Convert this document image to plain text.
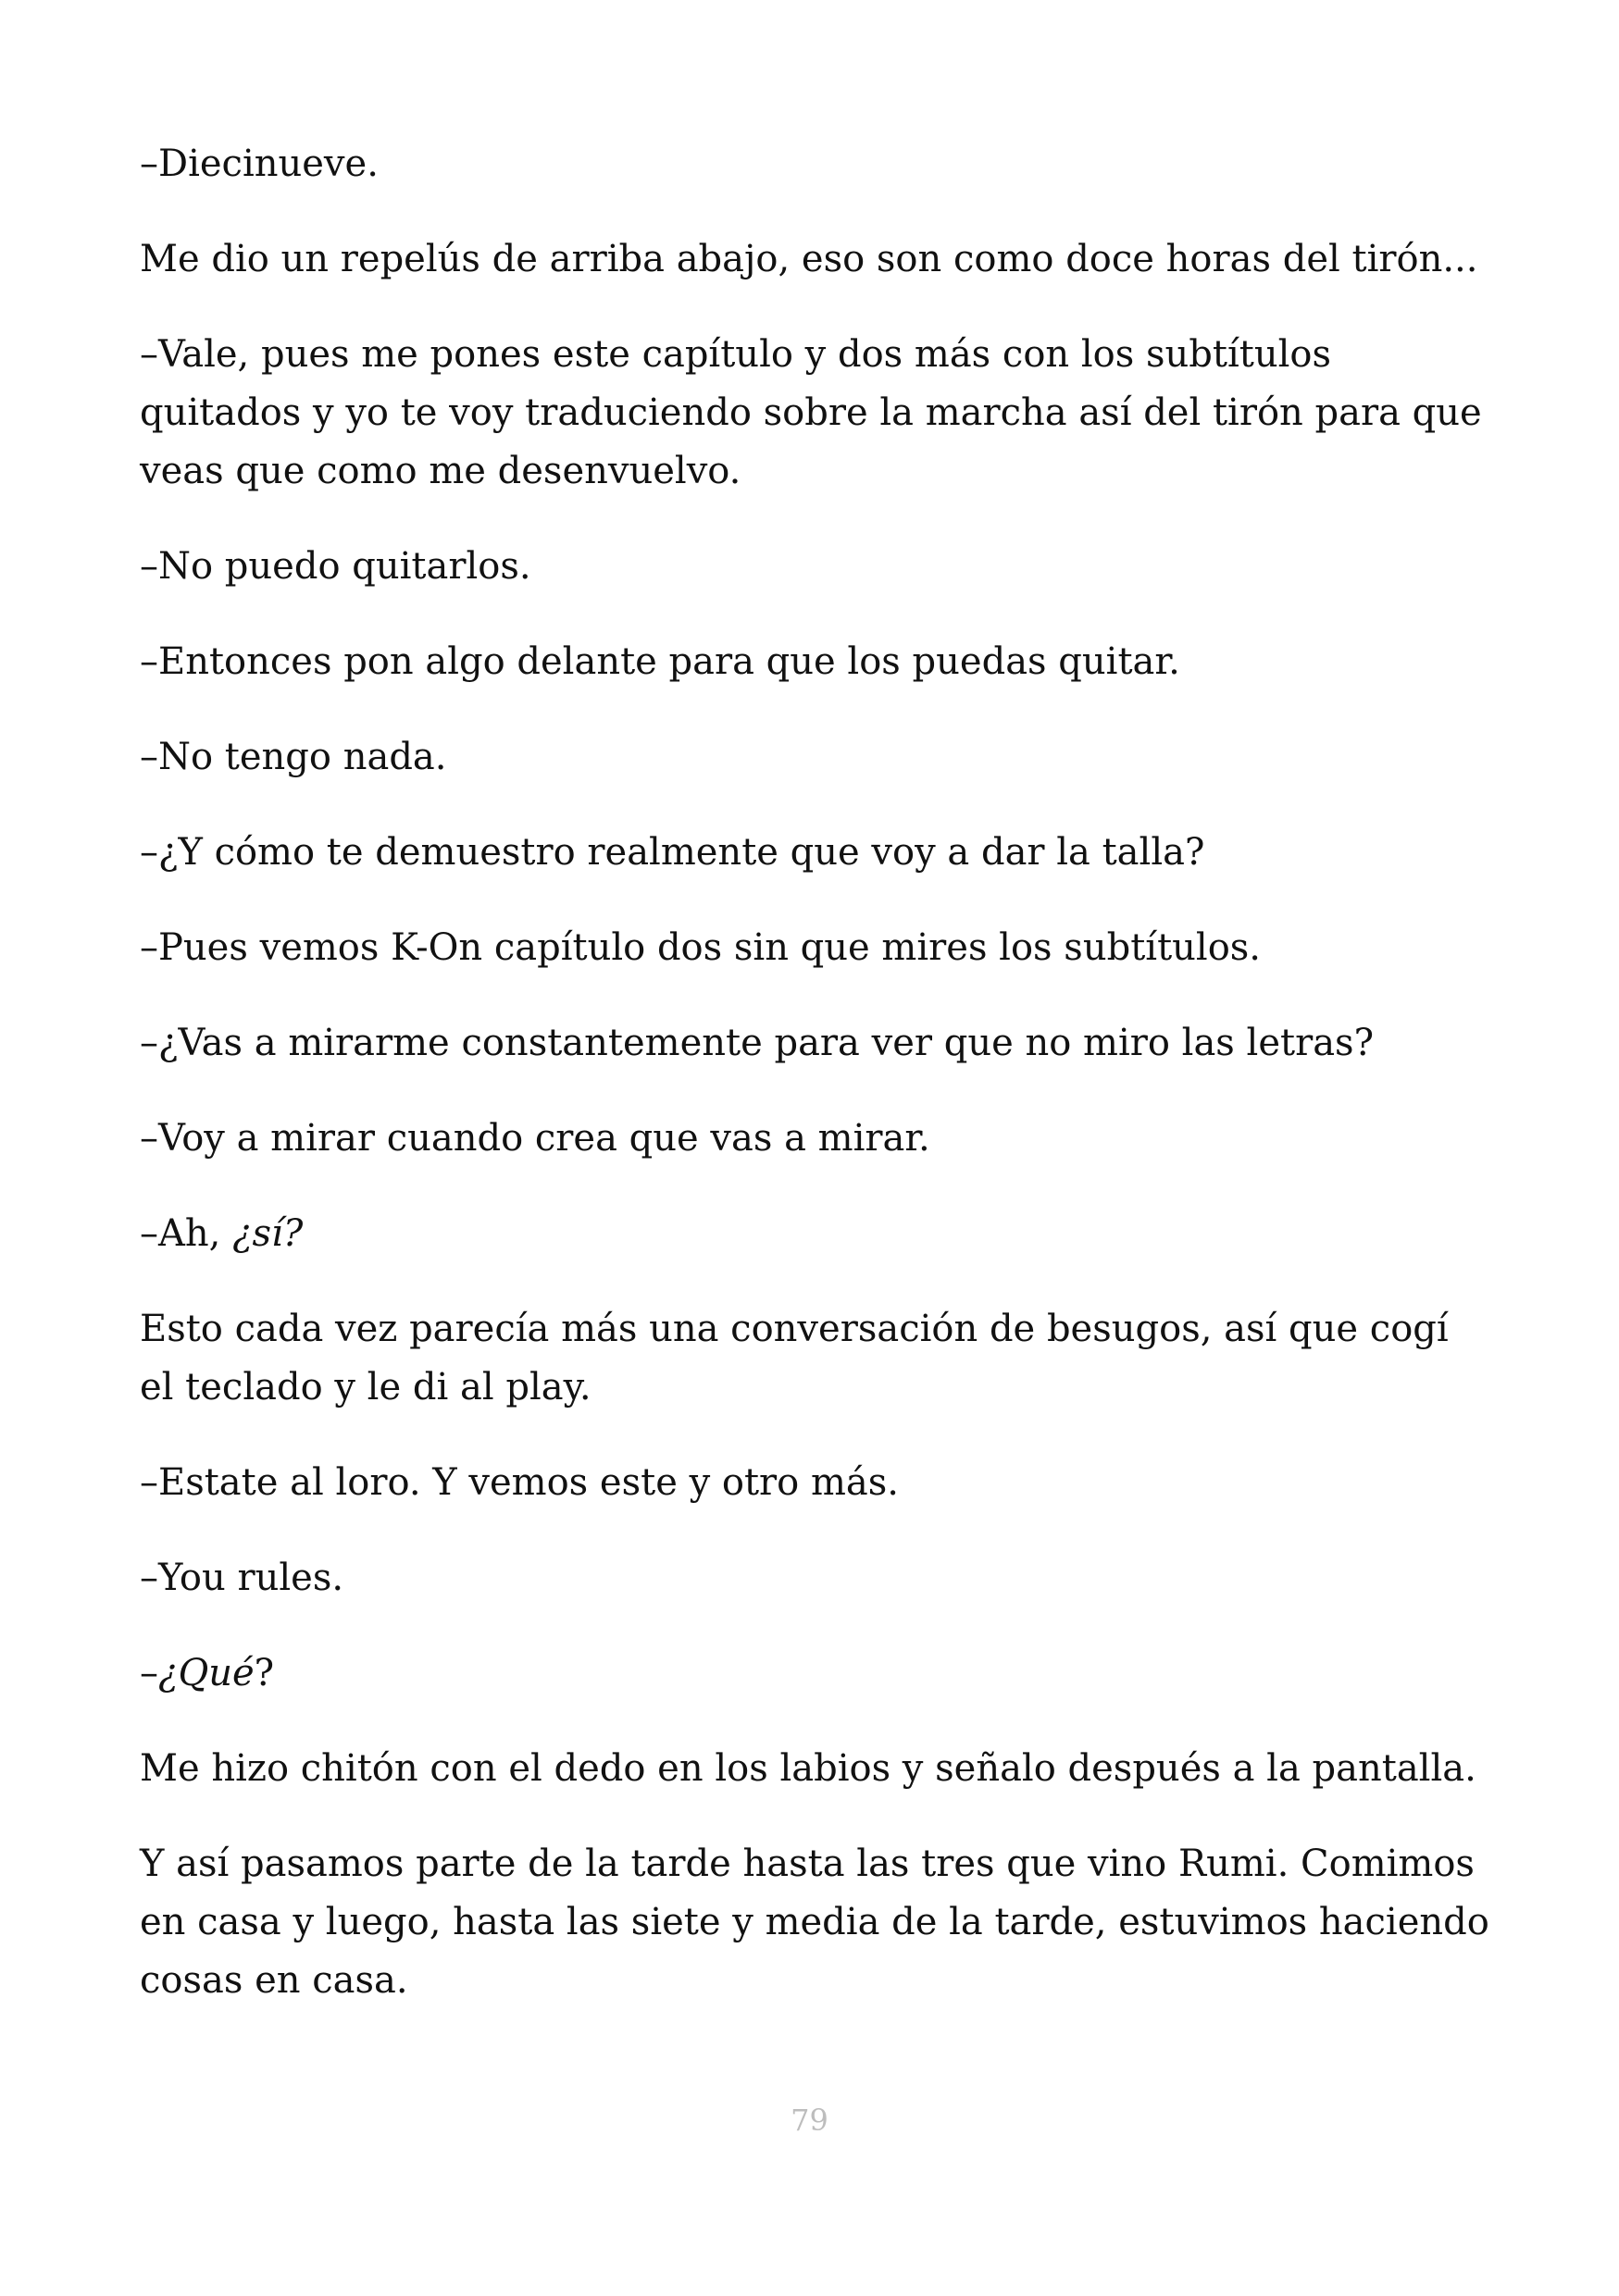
–Diecinueve.

Me dio un repelús de arriba abajo, eso son como doce horas del tirón...

–Vale, pues me pones este capítulo y dos más con los subtítulos quitados y yo te voy traduciendo sobre la marcha así del tirón para que veas que como me desenvuelvo.

–No puedo quitarlos.

–Entonces pon algo delante para que los puedas quitar.

–No tengo nada.

–¿Y cómo te demuestro realmente que voy a dar la talla?

–Pues vemos K-On capítulo dos sin que mires los subtítulos.

–¿Vas a mirarme constantemente para ver que no miro las letras?

–Voy a mirar cuando crea que vas a mirar.

–Ah, ¿sí?

Esto cada vez parecía más una conversación de besugos, así que cogí el teclado y le di al play.

–Estate al loro. Y vemos este y otro más.

–You rules.

–¿Qué?

Me hizo chitón con el dedo en los labios y señalo después a la pantalla.

Y así pasamos parte de la tarde hasta las tres que vino Rumi. Comimos en casa y luego, hasta las siete y media de la tarde, estuvimos haciendo cosas en casa.

79
